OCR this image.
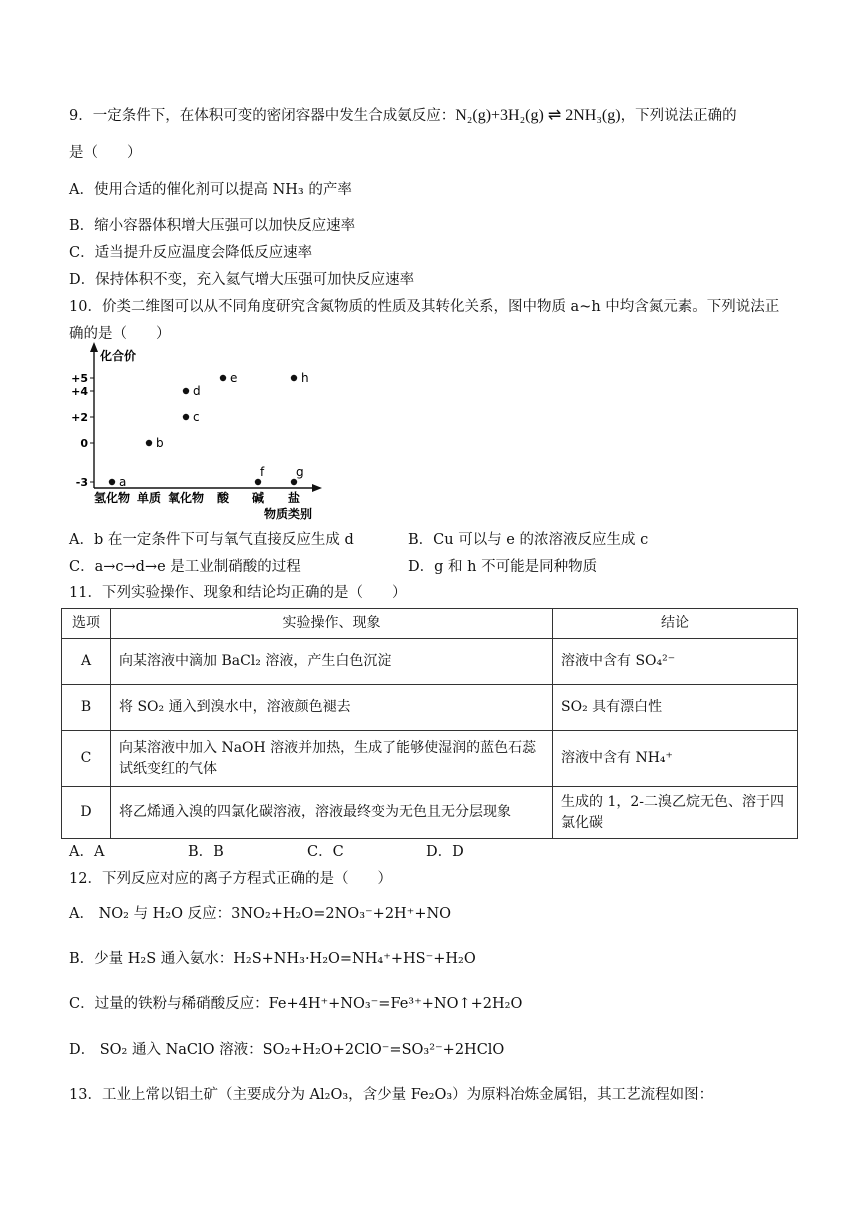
9．一定条件下，在体积可变的密闭容器中发生合成氨反应：N₂(g)+3H₂(g) ⇌ 2NH₃(g)，下列说法正确的
是（　　）
A．使用合适的催化剂可以提高 NH₃ 的产率
B．缩小容器体积增大压强可以加快反应速率
C．适当提升反应温度会降低反应速率
D．保持体积不变，充入氦气增大压强可加快反应速率
10．价类二维图可以从不同角度研究含氮物质的性质及其转化关系，图中物质 a~h 中均含氮元素。下列说法正
确的是（　　）
化合价
物质类别
+5
+4
+2
0
-3
氢化物 单质 氧化物 酸 碱 盐
a
b
c
d
e
f	g
h
A．b 在一定条件下可与氧气直接反应生成 d	B．Cu 可以与 e 的浓溶液反应生成 c
C．a→c→d→e 是工业制硝酸的过程	D．g 和 h 不可能是同种物质
11．下列实验操作、现象和结论均正确的是（　　）
选项	实验操作、现象	结论
A	向某溶液中滴加 BaCl₂ 溶液，产生白色沉淀	溶液中含有 SO₄²⁻
B	将 SO₂ 通入到溴水中，溶液颜色褪去	SO₂ 具有漂白性
C	向某溶液中加入 NaOH 溶液并加热，生成了能够使湿润的蓝色石蕊试纸变红的气体	溶液中含有 NH₄⁺
D	将乙烯通入溴的四氯化碳溶液，溶液最终变为无色且无分层现象	生成的 1，2-二溴乙烷无色、溶于四氯化碳
A．A	B．B	C．C	D．D
12．下列反应对应的离子方程式正确的是（　　）
A． NO₂ 与 H₂O 反应：3NO₂+H₂O=2NO₃⁻+2H⁺+NO
B．少量 H₂S 通入氨水：H₂S+NH₃·H₂O=NH₄⁺+HS⁻+H₂O
C．过量的铁粉与稀硝酸反应：Fe+4H⁺+NO₃⁻=Fe³⁺+NO↑+2H₂O
D． SO₂ 通入 NaClO 溶液：SO₂+H₂O+2ClO⁻=SO₃²⁻+2HClO
13．工业上常以铝土矿（主要成分为 Al₂O₃，含少量 Fe₂O₃）为原料冶炼金属铝，其工艺流程如图：
